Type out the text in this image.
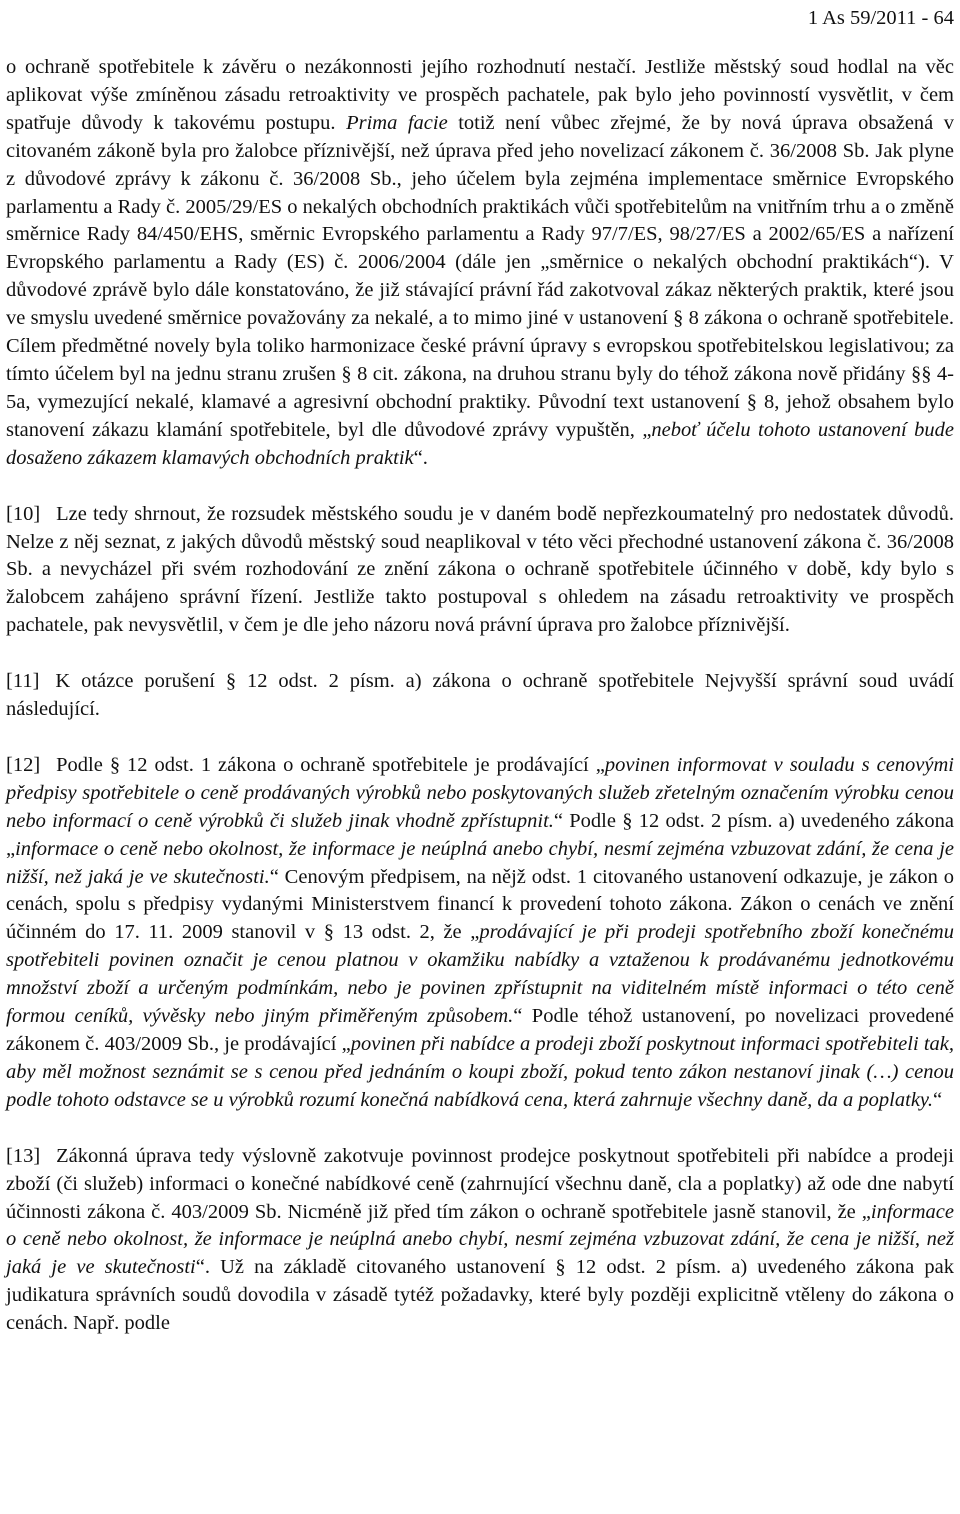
1 As 59/2011 - 64

o ochraně spotřebitele k závěru o nezákonnosti jejího rozhodnutí nestačí. Jestliže městský soud hodlal na věc aplikovat výše zmíněnou zásadu retroaktivity ve prospěch pachatele, pak bylo jeho povinností vysvětlit, v čem spatřuje důvody k takovému postupu. Prima facie totiž není vůbec zřejmé, že by nová úprava obsažená v citovaném zákoně byla pro žalobce příznivější, než úprava před jeho novelizací zákonem č. 36/2008 Sb. Jak plyne z důvodové zprávy k zákonu č. 36/2008 Sb., jeho účelem byla zejména implementace směrnice Evropského parlamentu a Rady č. 2005/29/ES o nekalých obchodních praktikách vůči spotřebitelům na vnitřním trhu a o změně směrnice Rady 84/450/EHS, směrnic Evropského parlamentu a Rady 97/7/ES, 98/27/ES a 2002/65/ES a nařízení Evropského parlamentu a Rady (ES) č. 2006/2004 (dále jen „směrnice o nekalých obchodní praktikách“). V důvodové zprávě bylo dále konstatováno, že již stávající právní řád zakotvoval zákaz některých praktik, které jsou ve smyslu uvedené směrnice považovány za nekalé, a to mimo jiné v ustanovení § 8 zákona o ochraně spotřebitele. Cílem předmětné novely byla toliko harmonizace české právní úpravy s evropskou spotřebitelskou legislativou; za tímto účelem byl na jednu stranu zrušen § 8 cit. zákona, na druhou stranu byly do téhož zákona nově přidány §§ 4-5a, vymezující nekalé, klamavé a agresivní obchodní praktiky. Původní text ustanovení § 8, jehož obsahem bylo stanovení zákazu klamání spotřebitele, byl dle důvodové zprávy vypuštěn, „neboť účelu tohoto ustanovení bude dosaženo zákazem klamavých obchodních praktik“.

[10] Lze tedy shrnout, že rozsudek městského soudu je v daném bodě nepřezkoumatelný pro nedostatek důvodů. Nelze z něj seznat, z jakých důvodů městský soud neaplikoval v této věci přechodné ustanovení zákona č. 36/2008 Sb. a nevycházel při svém rozhodování ze znění zákona o ochraně spotřebitele účinného v době, kdy bylo s žalobcem zahájeno správní řízení. Jestliže takto postupoval s ohledem na zásadu retroaktivity ve prospěch pachatele, pak nevysvětlil, v čem je dle jeho názoru nová právní úprava pro žalobce příznivější.

[11] K otázce porušení § 12 odst. 2 písm. a) zákona o ochraně spotřebitele Nejvyšší správní soud uvádí následující.

[12] Podle § 12 odst. 1 zákona o ochraně spotřebitele je prodávající „povinen informovat v souladu s cenovými předpisy spotřebitele o ceně prodávaných výrobků nebo poskytovaných služeb zřetelným označením výrobku cenou nebo informací o ceně výrobků či služeb jinak vhodně zpřístupnit.“ Podle § 12 odst. 2 písm. a) uvedeného zákona „informace o ceně nebo okolnost, že informace je neúplná anebo chybí, nesmí zejména vzbuzovat zdání, že cena je nižší, než jaká je ve skutečnosti.“ Cenovým předpisem, na nějž odst. 1 citovaného ustanovení odkazuje, je zákon o cenách, spolu s předpisy vydanými Ministerstvem financí k provedení tohoto zákona. Zákon o cenách ve znění účinném do 17. 11. 2009 stanovil v § 13 odst. 2, že „prodávající je při prodeji spotřebního zboží konečnému spotřebiteli povinen označit je cenou platnou v okamžiku nabídky a vztaženou k prodávanému jednotkovému množství zboží a určeným podmínkám, nebo je povinen zpřístupnit na viditelném místě informaci o této ceně formou ceníků, vývěsky nebo jiným přiměřeným způsobem.“ Podle téhož ustanovení, po novelizaci provedené zákonem č. 403/2009 Sb., je prodávající „povinen při nabídce a prodeji zboží poskytnout informaci spotřebiteli tak, aby měl možnost seznámit se s cenou před jednáním o koupi zboží, pokud tento zákon nestanoví jinak (…) cenou podle tohoto odstavce se u výrobků rozumí konečná nabídková cena, která zahrnuje všechny daně, da a poplatky.“

[13] Zákonná úprava tedy výslovně zakotvuje povinnost prodejce poskytnout spotřebiteli při nabídce a prodeji zboží (či služeb) informaci o konečné nabídkové ceně (zahrnující všechnu daně, cla a poplatky) až ode dne nabytí účinnosti zákona č. 403/2009 Sb. Nicméně již před tím zákon o ochraně spotřebitele jasně stanovil, že „informace o ceně nebo okolnost, že informace je neúplná anebo chybí, nesmí zejména vzbuzovat zdání, že cena je nižší, než jaká je ve skutečnosti“. Už na základě citovaného ustanovení § 12 odst. 2 písm. a) uvedeného zákona pak judikatura správních soudů dovodila v zásadě tytéž požadavky, které byly později explicitně vtěleny do zákona o cenách. Např. podle
